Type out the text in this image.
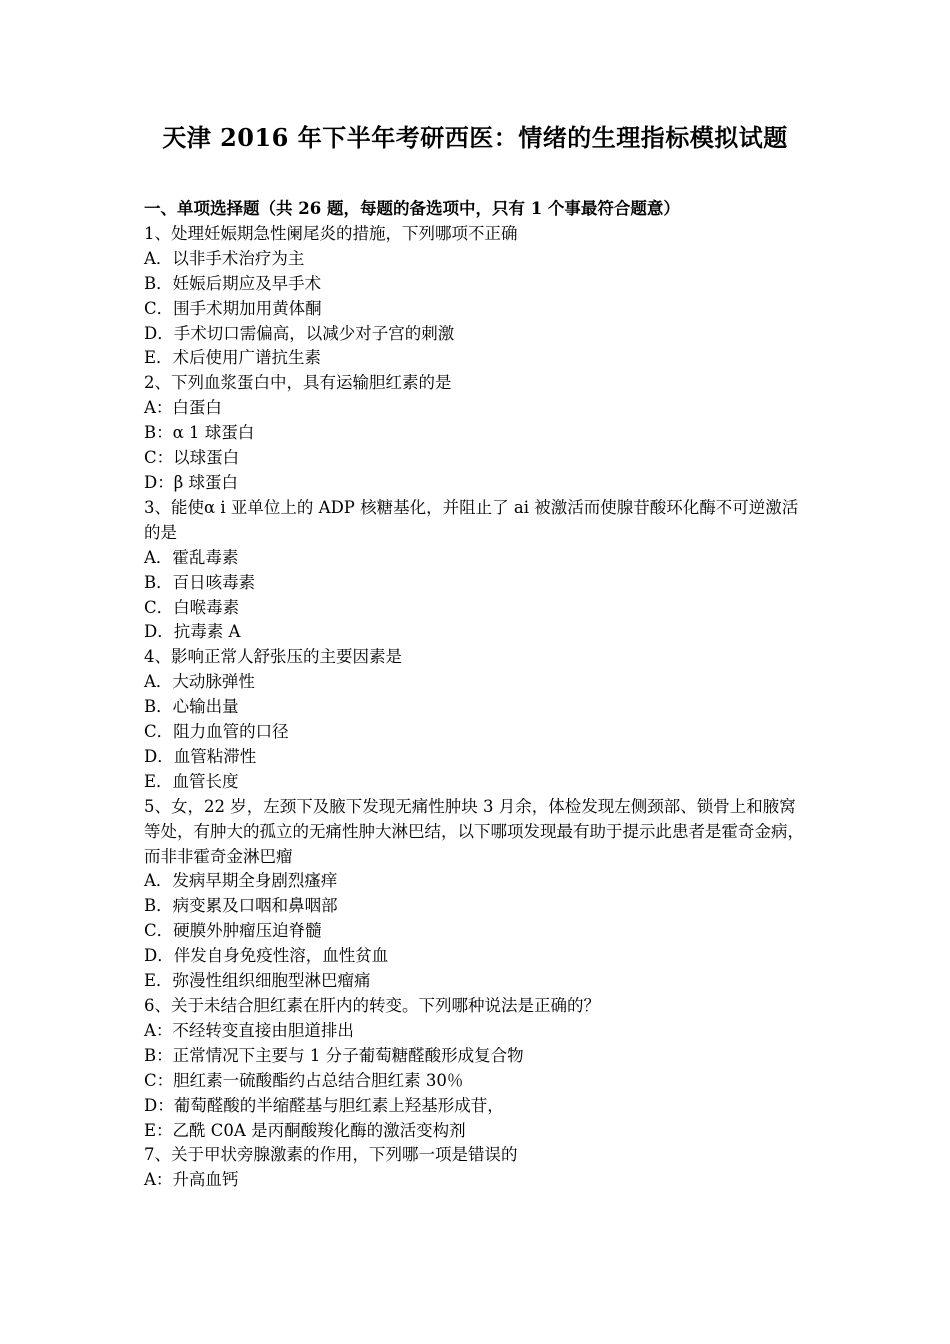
天津 2016 年下半年考研西医：情绪的生理指标模拟试题

一、单项选择题（共 26 题，每题的备选项中，只有 1 个事最符合题意）

1、处理妊娠期急性阑尾炎的措施，下列哪项不正确

A．以非手术治疗为主

B．妊娠后期应及早手术

C．围手术期加用黄体酮

D．手术切口需偏高，以减少对子宫的刺激

E．术后使用广谱抗生素

2、下列血浆蛋白中，具有运输胆红素的是

A：白蛋白

B：α 1 球蛋白

C：以球蛋白

D：β 球蛋白

3、能使α i 亚单位上的 ADP 核糖基化，并阻止了 ai 被激活而使腺苷酸环化酶不可逆激活的是

A．霍乱毒素

B．百日咳毒素

C．白喉毒素

D．抗毒素 A

4、影响正常人舒张压的主要因素是

A．大动脉弹性

B．心输出量

C．阻力血管的口径

D．血管粘滞性

E．血管长度

5、女，22 岁，左颈下及腋下发现无痛性肿块 3 月余，体检发现左侧颈部、锁骨上和腋窝等处，有肿大的孤立的无痛性肿大淋巴结，以下哪项发现最有助于提示此患者是霍奇金病，而非非霍奇金淋巴瘤

A．发病早期全身剧烈瘙痒

B．病变累及口咽和鼻咽部

C．硬膜外肿瘤压迫脊髓

D．伴发自身免疫性溶，血性贫血

E．弥漫性组织细胞型淋巴瘤痛

6、关于未结合胆红素在肝内的转变。下列哪种说法是正确的？

A：不经转变直接由胆道排出

B：正常情况下主要与 1 分子葡萄糖醛酸形成复合物

C：胆红素一硫酸酯约占总结合胆红素 30％

D：葡萄醛酸的半缩醛基与胆红素上羟基形成苷，

E：乙酰 C0A 是丙酮酸羧化酶的激活变构剂

7、关于甲状旁腺激素的作用，下列哪一项是错误的

A：升高血钙
